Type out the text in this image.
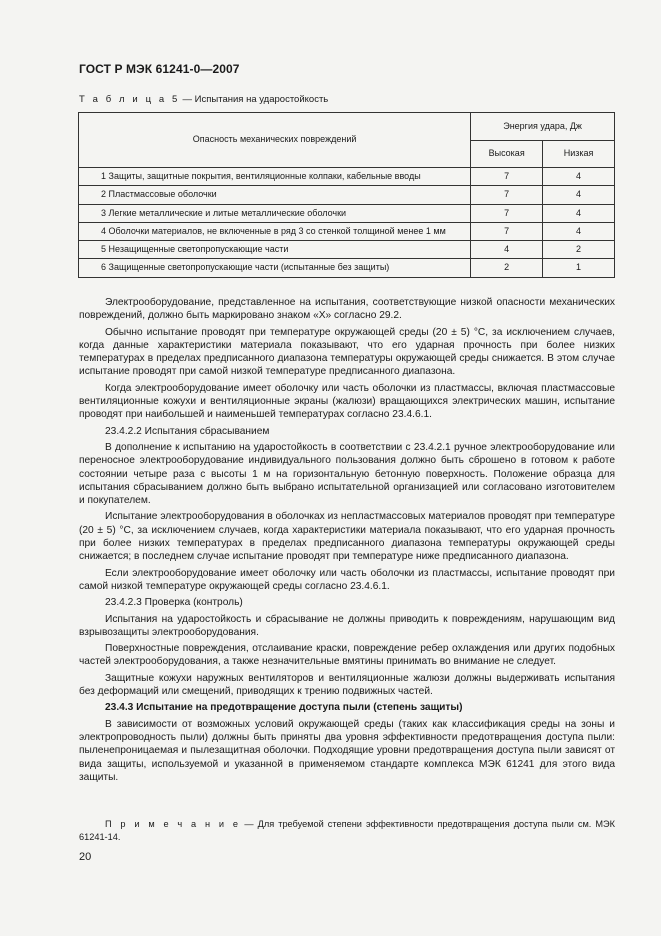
ГОСТ Р МЭК 61241-0—2007
Т а б л и ц а 5 — Испытания на ударостойкость
Опасность механических повреждений	Энергия удара, Дж	
	Высокая	Низкая
1 Защиты, защитные покрытия, вентиляционные колпаки, кабельные вводы	7	4
2 Пластмассовые оболочки	7	4
3 Легкие металлические и литые металлические оболочки	7	4
4 Оболочки материалов, не включенные в ряд 3 со стенкой толщиной менее 1 мм	7	4
5 Незащищенные светопропускающие части	4	2
6 Защищенные светопропускающие части (испытанные без защиты)	2	1

Электрооборудование, представленное на испытания, соответствующие низкой опасности механических повреждений, должно быть маркировано знаком «X» согласно 29.2.

Обычно испытание проводят при температуре окружающей среды (20 ± 5) °С, за исключением случаев, когда данные характеристики материала показывают, что его ударная прочность при более низких температурах в пределах предписанного диапазона температуры окружающей среды снижается. В этом случае испытание проводят при самой низкой температуре предписанного диапазона.

Когда электрооборудование имеет оболочку или часть оболочки из пластмассы, включая пластмассовые вентиляционные кожухи и вентиляционные экраны (жалюзи) вращающихся электрических машин, испытание проводят при наибольшей и наименьшей температурах согласно 23.4.6.1.

23.4.2.2 Испытания сбрасыванием

В дополнение к испытанию на ударостойкость в соответствии с 23.4.2.1 ручное электрооборудование или переносное электрооборудование индивидуального пользования должно быть сброшено в готовом к работе состоянии четыре раза с высоты 1 м на горизонтальную бетонную поверхность. Положение образца для испытания сбрасыванием должно быть выбрано испытательной организацией или согласовано изготовителем и покупателем.

Испытание электрооборудования в оболочках из непластмассовых материалов проводят при температуре (20 ± 5) °С, за исключением случаев, когда характеристики материала показывают, что его ударная прочность при более низких температурах в пределах предписанного диапазона температуры окружающей среды снижается; в последнем случае испытание проводят при температуре ниже предписанного диапазона.

Если электрооборудование имеет оболочку или часть оболочки из пластмассы, испытание проводят при самой низкой температуре окружающей среды согласно 23.4.6.1.

23.4.2.3 Проверка (контроль)

Испытания на ударостойкость и сбрасывание не должны приводить к повреждениям, нарушающим вид взрывозащиты электрооборудования.

Поверхностные повреждения, отслаивание краски, повреждение ребер охлаждения или других подобных частей электрооборудования, а также незначительные вмятины принимать во внимание не следует.

Защитные кожухи наружных вентиляторов и вентиляционные жалюзи должны выдерживать испытания без деформаций или смещений, приводящих к трению подвижных частей.

23.4.3 Испытание на предотвращение доступа пыли (степень защиты)

В зависимости от возможных условий окружающей среды (таких как классификация среды на зоны и электропроводность пыли) должны быть приняты два уровня эффективности предотвращения доступа пыли: пыленепроницаемая и пылезащитная оболочки. Подходящие уровни предотвращения доступа пыли зависят от вида защиты, используемой и указанной в применяемом стандарте комплекса МЭК 61241 для этого вида защиты.

П р и м е ч а н и е — Для требуемой степени эффективности предотвращения доступа пыли см. МЭК 61241-14.
20
